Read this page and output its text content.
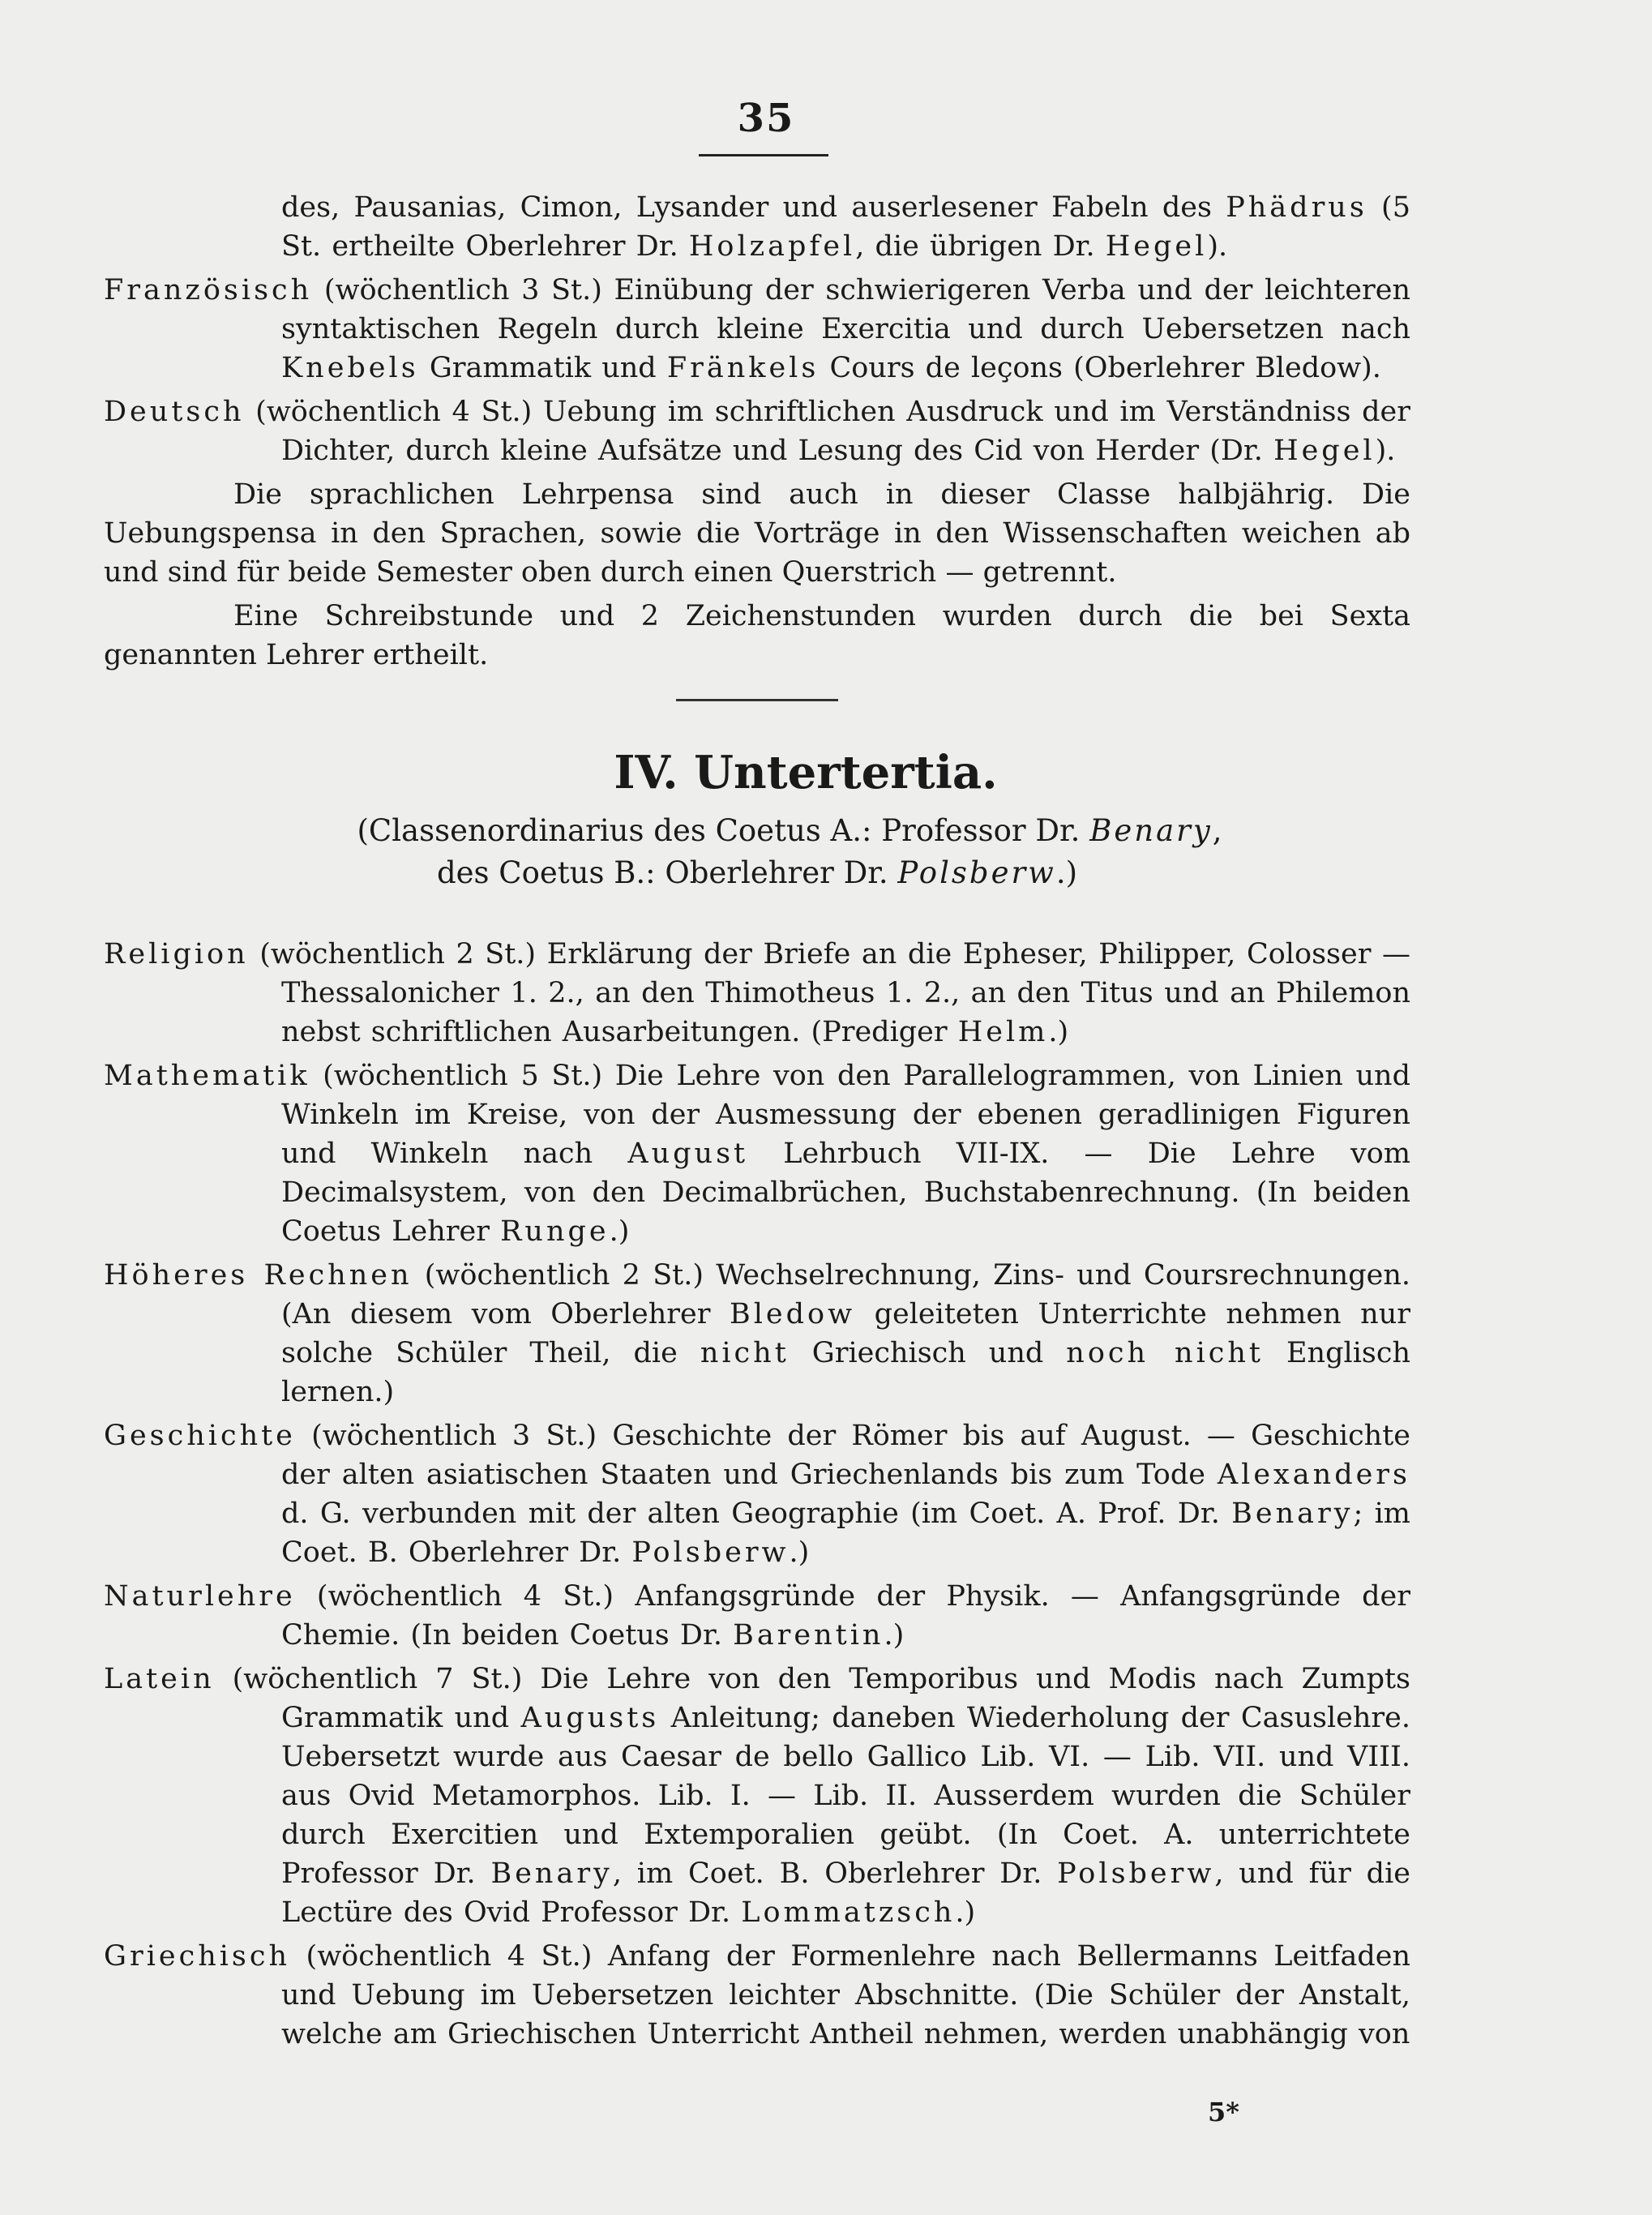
35

des, Pausanias, Cimon, Lysander und auserlesener Fabeln des Phädrus (5 St. ertheilte Oberlehrer Dr. Holzapfel, die übrigen Dr. Hegel).

Französisch (wöchentlich 3 St.) Einübung der schwierigeren Verba und der leichteren syntaktischen Regeln durch kleine Exercitia und durch Uebersetzen nach Knebels Grammatik und Fränkels Cours de leçons (Oberlehrer Bledow).

Deutsch (wöchentlich 4 St.) Uebung im schriftlichen Ausdruck und im Verständniss der Dichter, durch kleine Aufsätze und Lesung des Cid von Herder (Dr. Hegel).

Die sprachlichen Lehrpensa sind auch in dieser Classe halbjährig. Die Uebungspensa in den Sprachen, sowie die Vorträge in den Wissenschaften weichen ab und sind für beide Semester oben durch einen Querstrich — getrennt.

Eine Schreibstunde und 2 Zeichenstunden wurden durch die bei Sexta genannten Lehrer ertheilt.

IV. Untertertia.

(Classenordinarius des Coetus A.: Professor Dr. Benary,

des Coetus B.: Oberlehrer Dr. Polsberw.)

Religion (wöchentlich 2 St.) Erklärung der Briefe an die Epheser, Philipper, Colosser — Thessalonicher 1. 2., an den Thimotheus 1. 2., an den Titus und an Philemon nebst schriftlichen Ausarbeitungen. (Prediger Helm.)

Mathematik (wöchentlich 5 St.) Die Lehre von den Parallelogrammen, von Linien und Winkeln im Kreise, von der Ausmessung der ebenen geradlinigen Figuren und Winkeln nach August Lehrbuch VII-IX. — Die Lehre vom Decimalsystem, von den Decimalbrüchen, Buchstabenrechnung. (In beiden Coetus Lehrer Runge.)

Höheres Rechnen (wöchentlich 2 St.) Wechselrechnung, Zins- und Coursrechnungen. (An diesem vom Oberlehrer Bledow geleiteten Unterrichte nehmen nur solche Schüler Theil, die nicht Griechisch und noch nicht Englisch lernen.)

Geschichte (wöchentlich 3 St.) Geschichte der Römer bis auf August. — Geschichte der alten asiatischen Staaten und Griechenlands bis zum Tode Alexanders d. G. verbunden mit der alten Geographie (im Coet. A. Prof. Dr. Benary; im Coet. B. Oberlehrer Dr. Polsberw.)

Naturlehre (wöchentlich 4 St.) Anfangsgründe der Physik. — Anfangsgründe der Chemie. (In beiden Coetus Dr. Barentin.)

Latein (wöchentlich 7 St.) Die Lehre von den Temporibus und Modis nach Zumpts Grammatik und Augusts Anleitung; daneben Wiederholung der Casuslehre. Uebersetzt wurde aus Caesar de bello Gallico Lib. VI. — Lib. VII. und VIII. aus Ovid Metamorphos. Lib. I. — Lib. II. Ausserdem wurden die Schüler durch Exercitien und Extemporalien geübt. (In Coet. A. unterrichtete Professor Dr. Benary, im Coet. B. Oberlehrer Dr. Polsberw, und für die Lectüre des Ovid Professor Dr. Lommatzsch.)

Griechisch (wöchentlich 4 St.) Anfang der Formenlehre nach Bellermanns Leitfaden und Uebung im Uebersetzen leichter Abschnitte. (Die Schüler der Anstalt, welche am Griechischen Unterricht Antheil nehmen, werden unabhängig von

5*
